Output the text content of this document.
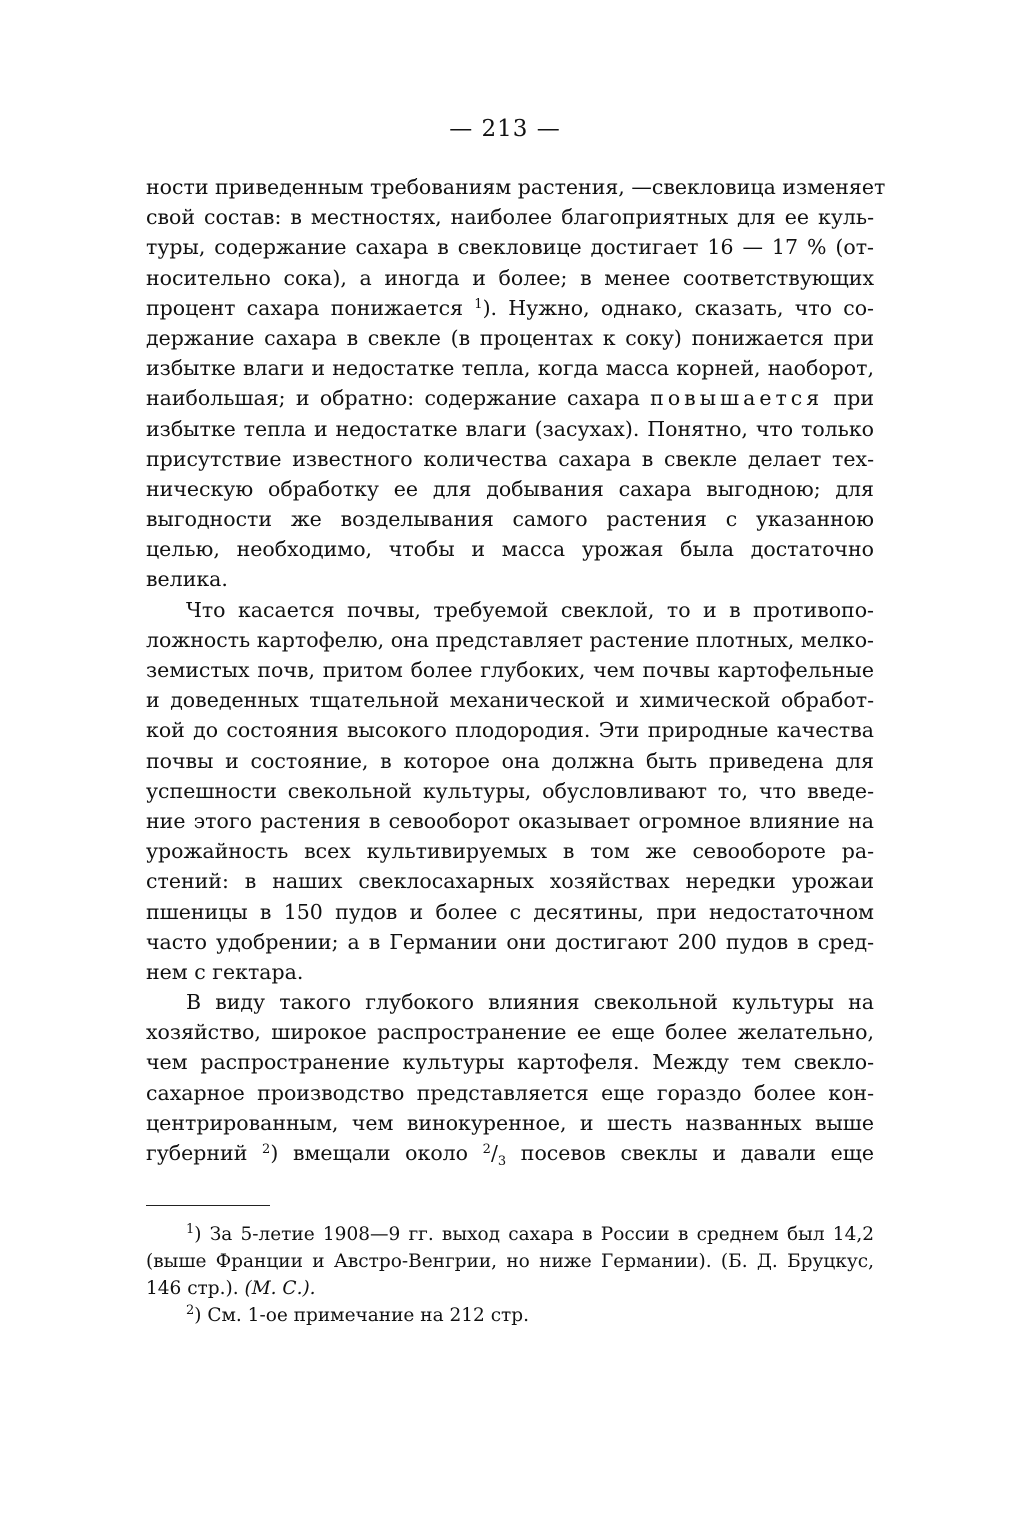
— 213 —
ности приведенным требованиям растения, —свекловица изменяет
свой состав: в местностях, наиболее благоприятных для ее куль-
туры, содержание сахара в свекловице достигает 16 — 17 % (от-
носительно сока), а иногда и более; в менее соответствующих
процент сахара понижается $^1$). Нужно, однако, сказать, что со-
держание сахара в свекле (в процентах к соку) понижается при
избытке влаги и недостатке тепла, когда масса корней, наоборот,
наибольшая; и обратно: содержание сахара повышается при
избытке тепла и недостатке влаги (засухах). Понятно, что только
присутствие известного количества сахара в свекле делает тех-
ническую обработку ее для добывания сахара выгодною; для
выгодности же возделывания самого растения с указанною
целью, необходимо, чтобы и масса урожая была достаточно
велика.
Что касается почвы, требуемой свеклой, то и в противопо-
ложность картофелю, она представляет растение плотных, мелко-
земистых почв, притом более глубоких, чем почвы картофельные
и доведенных тщательной механической и химической обработ-
кой до состояния высокого плодородия. Эти природные качества
почвы и состояние, в которое она должна быть приведена для
успешности свекольной культуры, обусловливают то, что введе-
ние этого растения в севооборот оказывает огромное влияние на
урожайность всех культивируемых в том же севообороте ра-
стений: в наших свеклосахарных хозяйствах нередки урожаи
пшеницы в 150 пудов и более с десятины, при недостаточном
часто удобрении; а в Германии они достигают 200 пудов в сред-
нем с гектара.
В виду такого глубокого влияния свекольной культуры на
хозяйство, широкое распространение ее еще более желательно,
чем распространение культуры картофеля. Между тем свекло-
сахарное производство представляется еще гораздо более кон-
центрированным, чем винокуренное, и шесть названных выше
губерний $^2$) вмещали около $^2/_3$ посевов свеклы и давали еще
$^1$) За 5-летие 1908—9 гг. выход сахара в России в среднем был 14,2
(выше Франции и Австро-Венгрии, но ниже Германии). (Б. Д. Бруцкус,
146 стр.). (М. С.).
$^2$) См. 1-ое примечание на 212 стр.
